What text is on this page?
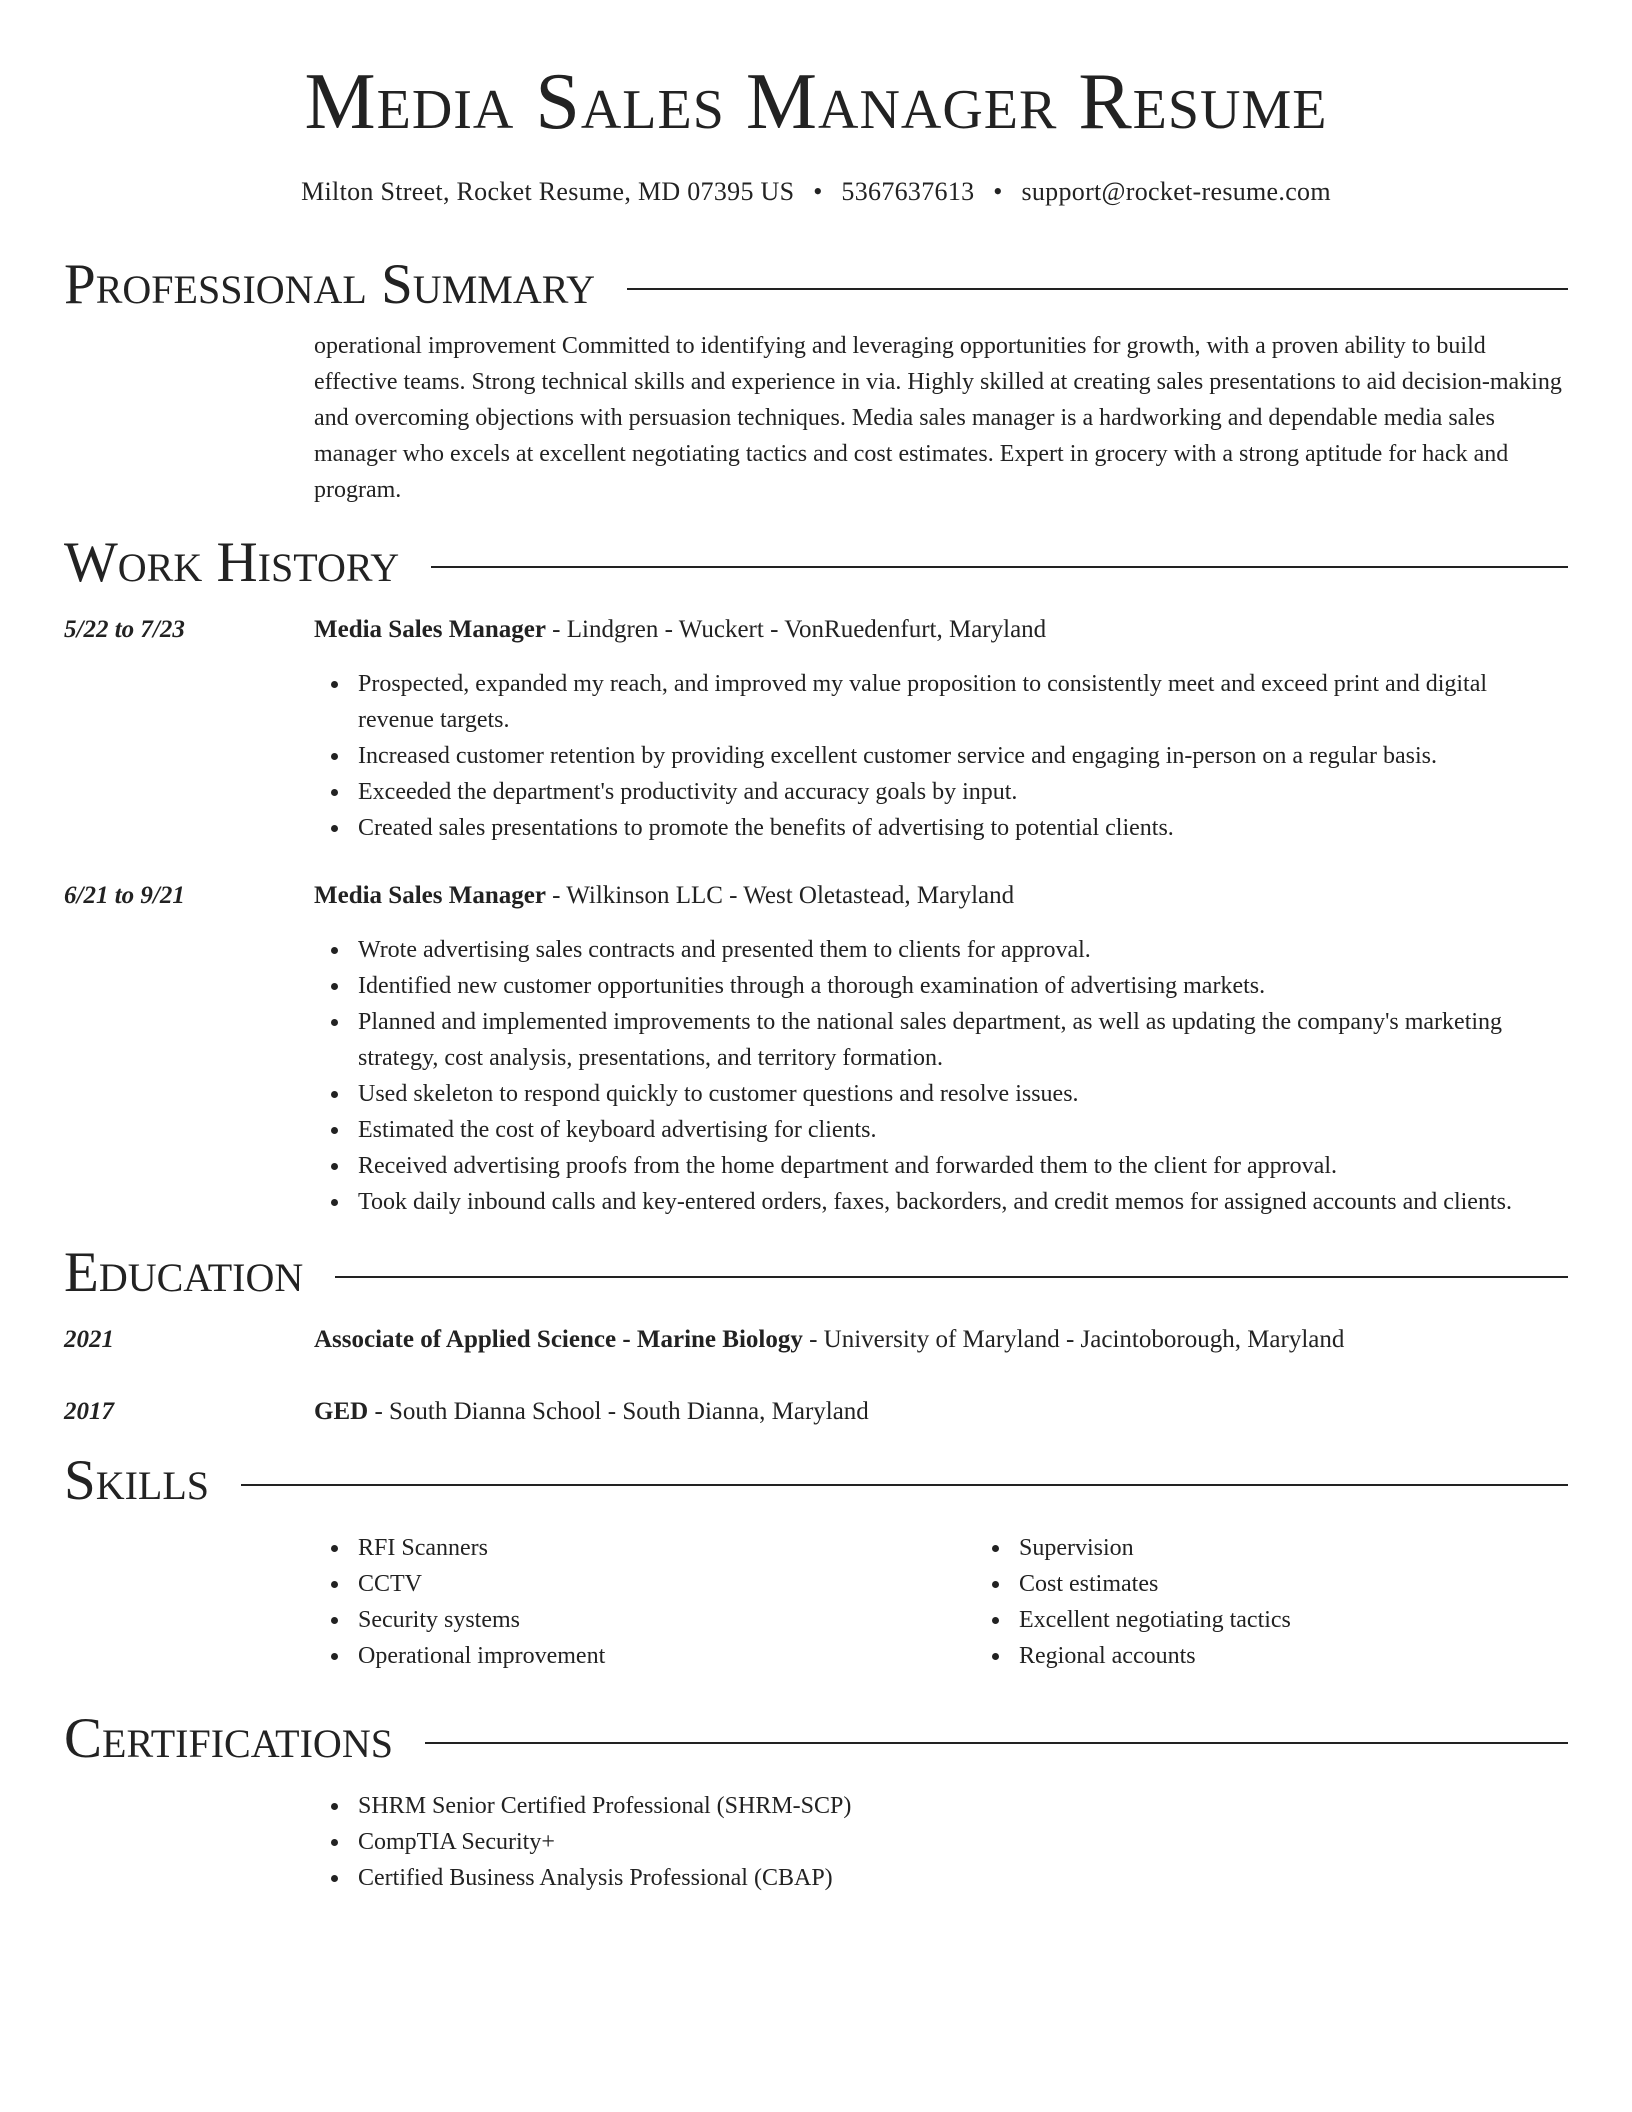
Media Sales Manager Resume
Milton Street, Rocket Resume, MD 07395 US • 5367637613 • support@rocket-resume.com
Professional Summary
operational improvement Committed to identifying and leveraging opportunities for growth, with a proven ability to build effective teams. Strong technical skills and experience in via. Highly skilled at creating sales presentations to aid decision-making and overcoming objections with persuasion techniques. Media sales manager is a hardworking and dependable media sales manager who excels at excellent negotiating tactics and cost estimates. Expert in grocery with a strong aptitude for hack and program.
Work History
5/22 to 7/23	Media Sales Manager - Lindgren - Wuckert - VonRuedenfurt, Maryland
Prospected, expanded my reach, and improved my value proposition to consistently meet and exceed print and digital revenue targets.
Increased customer retention by providing excellent customer service and engaging in-person on a regular basis.
Exceeded the department's productivity and accuracy goals by input.
Created sales presentations to promote the benefits of advertising to potential clients.
6/21 to 9/21	Media Sales Manager - Wilkinson LLC - West Oletastead, Maryland
Wrote advertising sales contracts and presented them to clients for approval.
Identified new customer opportunities through a thorough examination of advertising markets.
Planned and implemented improvements to the national sales department, as well as updating the company's marketing strategy, cost analysis, presentations, and territory formation.
Used skeleton to respond quickly to customer questions and resolve issues.
Estimated the cost of keyboard advertising for clients.
Received advertising proofs from the home department and forwarded them to the client for approval.
Took daily inbound calls and key-entered orders, faxes, backorders, and credit memos for assigned accounts and clients.
Education
2021	Associate of Applied Science - Marine Biology - University of Maryland - Jacintoborough, Maryland
2017	GED - South Dianna School - South Dianna, Maryland
Skills
RFI Scanners
CCTV
Security systems
Operational improvement
Supervision
Cost estimates
Excellent negotiating tactics
Regional accounts
Certifications
SHRM Senior Certified Professional (SHRM-SCP)
CompTIA Security+
Certified Business Analysis Professional (CBAP)
